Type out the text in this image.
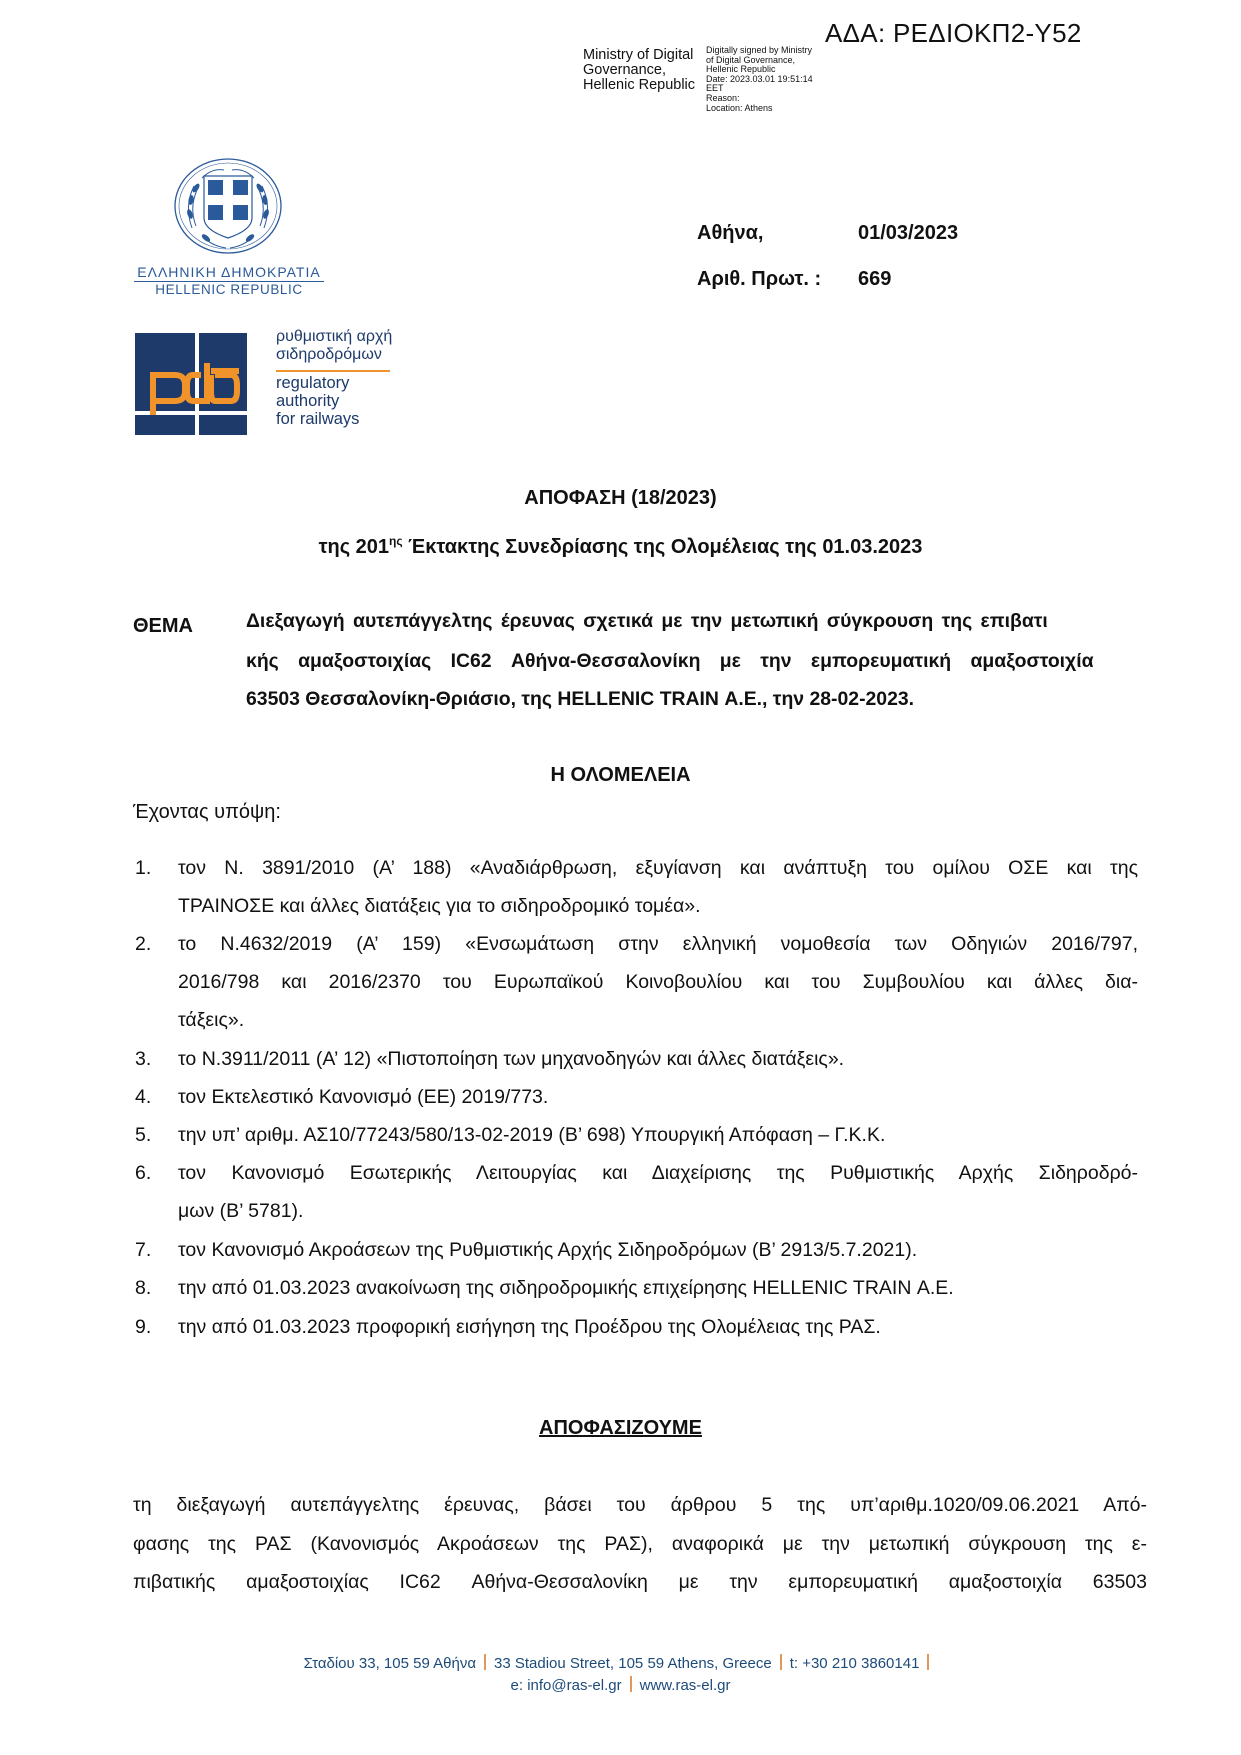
ΑΔΑ: ΡΕΔΙΟΚΠ2-Υ52
Ministry of Digital
Governance,
Hellenic Republic
Digitally signed by Ministry
of Digital Governance,
Hellenic Republic
Date: 2023.03.01 19:51:14
EET
Reason:
Location: Athens
ΕΛΛΗΝΙΚΗ ΔΗΜΟΚΡΑΤΙΑ
HELLENIC REPUBLIC
ρυθμιστική αρχή
σιδηροδρόμων
regulatory
authority
for railways
Αθήνα,	01/03/2023
Αριθ. Πρωτ. : 669
ΑΠΟΦΑΣΗ (18/2023)
της $201^{\eta\varsigma}$ Έκτακτης Συνεδρίασης της Ολομέλειας της 01.03.2023
ΘΕΜΑ	Διεξαγωγή αυτεπάγγελτης έρευνας σχετικά με την μετωπική σύγκρουση της επιβατι
κής αμαξοστοιχίας IC62 Αθήνα-Θεσσαλονίκη με την εμπορευματική αμαξοστοιχία
63503 Θεσσαλονίκη-Θριάσιο, της HELLENIC TRAIN Α.Ε., την 28-02-2023.
Η ΟΛΟΜΕΛΕΙΑ
Έχοντας υπόψη:
1. τον Ν. 3891/2010 (Α’ 188) «Αναδιάρθρωση, εξυγίανση και ανάπτυξη του ομίλου ΟΣΕ και της
ΤΡΑΙΝΟΣΕ και άλλες διατάξεις για το σιδηροδρομικό τομέα».
2. το Ν.4632/2019 (Α’ 159) «Ενσωμάτωση στην ελληνική νομοθεσία των Οδηγιών 2016/797,
2016/798 και 2016/2370 του Ευρωπαϊκού Κοινοβουλίου και του Συμβουλίου και άλλες δια-
τάξεις».
3. το Ν.3911/2011 (Α’ 12) «Πιστοποίηση των μηχανοδηγών και άλλες διατάξεις».
4. τον Εκτελεστικό Κανονισμό (ΕΕ) 2019/773.
5. την υπ’ αριθμ. ΑΣ10/77243/580/13-02-2019 (Β’ 698) Υπουργική Απόφαση – Γ.Κ.Κ.
6. τον Κανονισμό Εσωτερικής Λειτουργίας και Διαχείρισης της Ρυθμιστικής Αρχής Σιδηροδρό-
μων (Β’ 5781).
7. τον Κανονισμό Ακροάσεων της Ρυθμιστικής Αρχής Σιδηροδρόμων (Β’ 2913/5.7.2021).
8. την από 01.03.2023 ανακοίνωση της σιδηροδρομικής επιχείρησης HELLENIC TRAIN Α.Ε.
9. την από 01.03.2023 προφορική εισήγηση της Προέδρου της Ολομέλειας της ΡΑΣ.
ΑΠΟΦΑΣΙΖΟΥΜΕ
τη διεξαγωγή αυτεπάγγελτης έρευνας, βάσει του άρθρου 5 της υπ’αριθμ.1020/09.06.2021 Από-
φασης της ΡΑΣ (Κανονισμός Ακροάσεων της ΡΑΣ), αναφορικά με την μετωπική σύγκρουση της ε-
πιβατικής αμαξοστοιχίας IC62 Αθήνα-Θεσσαλονίκη με την εμπορευματική αμαξοστοιχία 63503
Σταδίου 33, 105 59 Αθήνα 33 Stadiou Street, 105 59 Athens, Greece t: +30 210 3860141
e: info@ras-el.gr www.ras-el.gr
